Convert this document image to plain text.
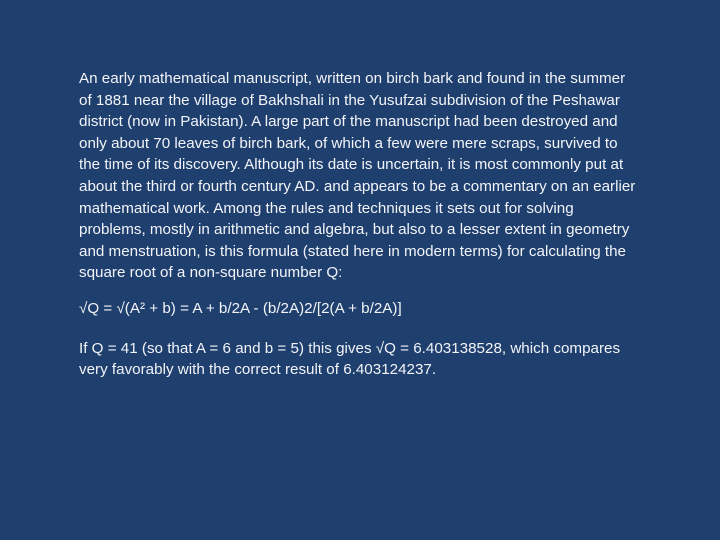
An early mathematical manuscript, written on birch bark and found in the summer of 1881 near the village of Bakhshali in the Yusufzai subdivision of the Peshawar district (now in Pakistan). A large part of the manuscript had been destroyed and only about 70 leaves of birch bark, of which a few were mere scraps, survived to the time of its discovery. Although its date is uncertain, it is most commonly put at about the third or fourth century AD. and appears to be a commentary on an earlier mathematical work. Among the rules and techniques it sets out for solving problems, mostly in arithmetic and algebra, but also to a lesser extent in geometry and menstruation, is this formula (stated here in modern terms) for calculating the square root of a non-square number Q:

√Q = √(A² + b) = A + b/2A - (b/2A)2/[2(A + b/2A)]

If Q = 41 (so that A = 6 and b = 5) this gives √Q = 6.403138528, which compares very favorably with the correct result of 6.403124237.
